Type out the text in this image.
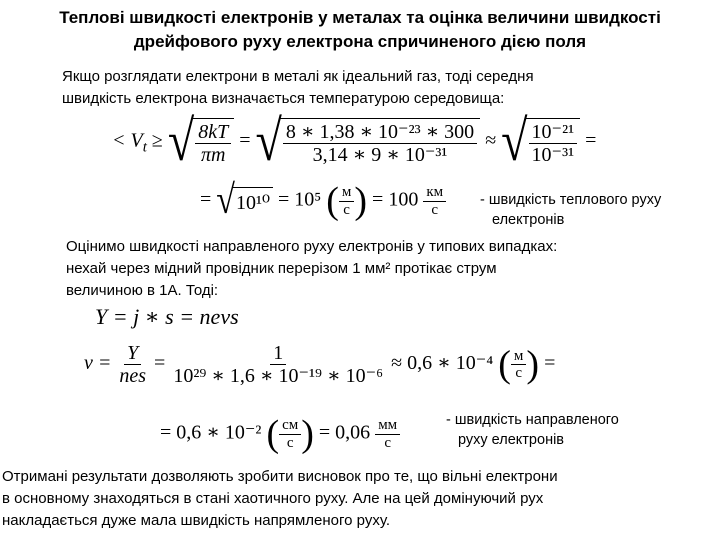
Теплові швидкості електронів у металах та оцінка величини швидкості
дрейфового руху електрона спричиненого дією поля
Якщо розглядати електрони в металі як ідеальний газ, тоді середня
швидкість електрона визначається температурою середовища:
< $V_t$ ≥ √ $\frac{8kT}{\pi m}$ = √ $\frac{\text{8 ∗ 1,38 ∗ 10⁻²³ ∗ 300}}{\text{3,14 ∗ 9 ∗ 10⁻³¹}}$ ≈ √ $\frac{\text{10⁻²¹}}{\text{10⁻³¹}}$ =
= √ 10¹⁰ = 10⁵ ( $\frac{м}{с}$ ) = $100 \frac{км}{с}$ - швидкість теплового руху
електронів
Оцінимо швидкості направленого руху електронів у типових випадках:
нехай через мідний провідник перерізом 1 мм² протікає струм
величиною в 1А. Тоді:
Y = j ∗ s = nevs
$v = \frac{Y}{\text{nes}} = \frac{1}{\text{10²⁹ ∗ 1,6 ∗ 10⁻¹⁹ ∗ 10⁻⁶}} \approx 0,6$ ∗ 10⁻⁴ ( $\frac{м}{с}$ ) =
= 0,6 ∗ 10⁻² ( $\frac{см}{с}$ ) = $0,06 \frac{мм}{с}$	- швидкість направленого
руху електронів
Отримані результати дозволяють зробити висновок про те, що вільні електрони
в основному знаходяться в стані хаотичного руху. Але на цей домінуючий рух
накладається дуже мала швидкість напрямленого руху.
